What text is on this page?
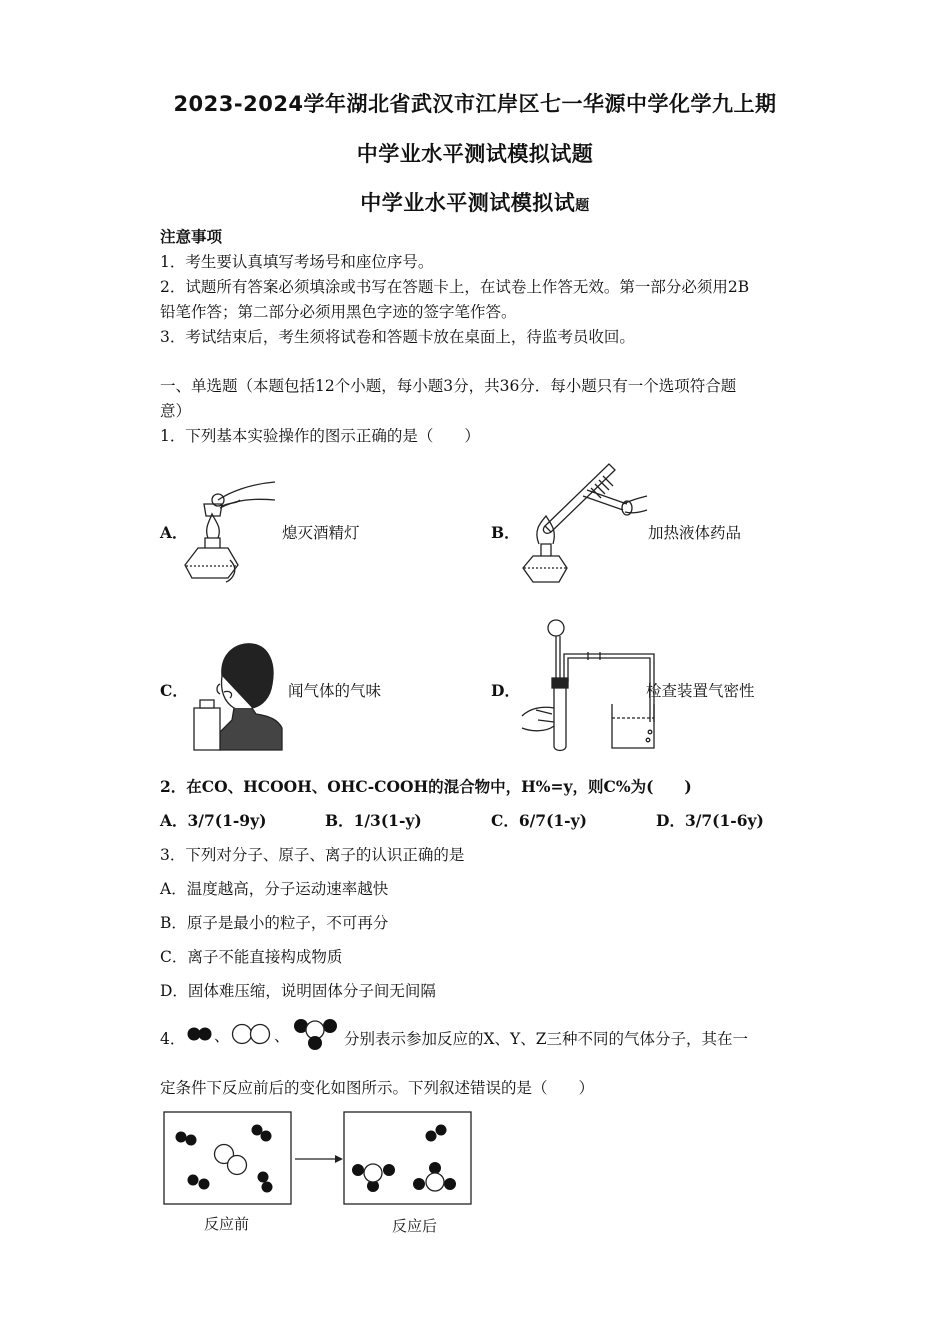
2023-2024学年湖北省武汉市江岸区七一华源中学化学九上期
中学业水平测试模拟试题
中学业水平测试模拟试题
注意事项
1．考生要认真填写考场号和座位序号。
2．试题所有答案必须填涂或书写在答题卡上，在试卷上作答无效。第一部分必须用2B
铅笔作答；第二部分必须用黑色字迹的签字笔作答。
3．考试结束后，考生须将试卷和答题卡放在桌面上，待监考员收回。
一、单选题（本题包括12个小题，每小题3分，共36分．每小题只有一个选项符合题
意）
1．下列基本实验操作的图示正确的是（　　）
A．	熄灭酒精灯	B．	加热液体药品
C．	闻气体的气味	D．	检查装置气密性
2．在CO、HCOOH、OHC-COOH的混合物中，H%=y，则C%为(　　)
A．3/7(1-9y)	B．1/3(1-y)	C．6/7(1-y)	D．3/7(1-6y)
3．下列对分子、原子、离子的认识正确的是
A．温度越高，分子运动速率越快
B．原子是最小的粒子，不可再分
C．离子不能直接构成物质
D．固体难压缩，说明固体分子间无间隔
4． 、	、	分别表示参加反应的X、Y、Z三种不同的气体分子，其在一
定条件下反应前后的变化如图所示。下列叙述错误的是（　　）
反应前	反应后
